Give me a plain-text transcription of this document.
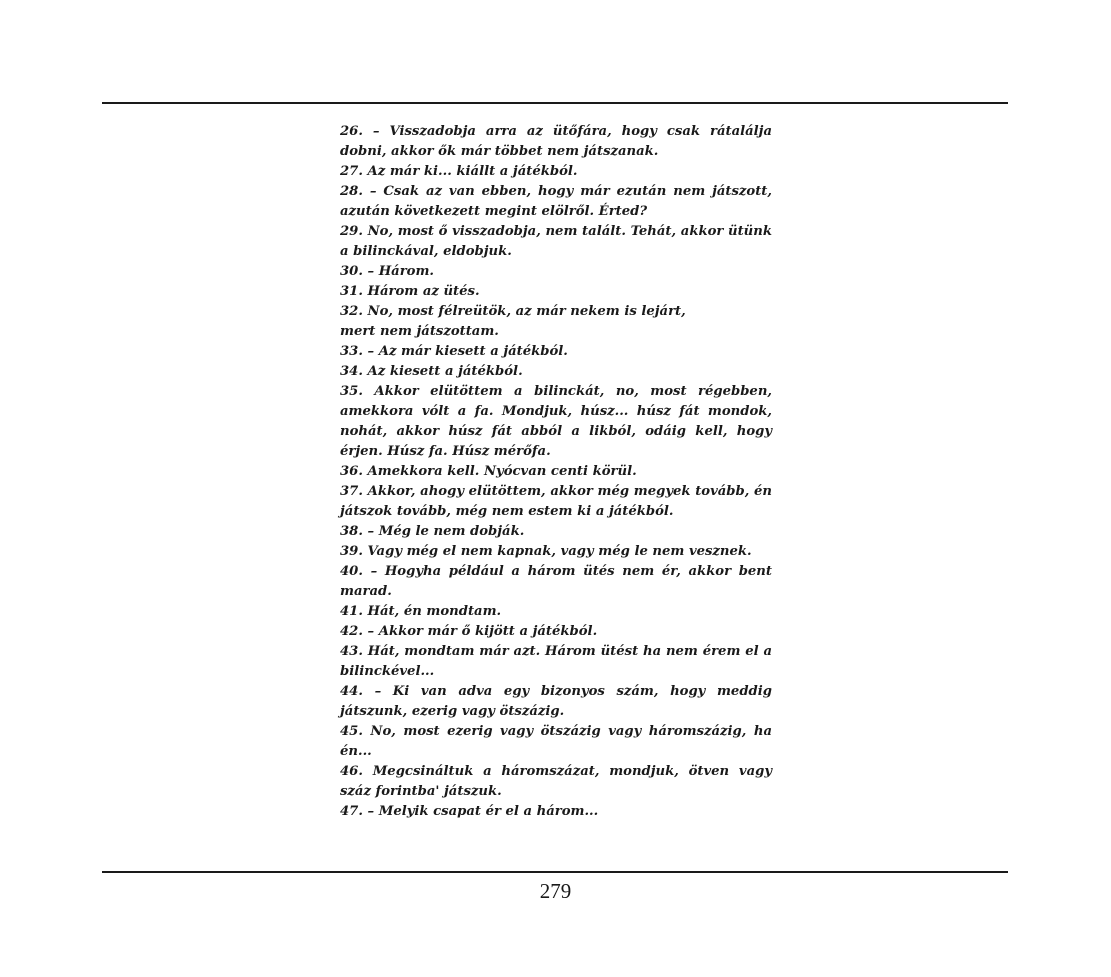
26. – Visszadobja arra az ütőfára, hogy csak rátalálja dobni, akkor ők már többet nem játszanak.

27. Az már ki... kiállt a játékból.

28. – Csak az van ebben, hogy már ezután nem játszott, azután következett megint elölről. Érted?

29. No, most ő visszadobja, nem talált. Tehát, akkor ütünk a bilinckával, eldobjuk.

30. – Három.

31. Három az ütés.

32. No, most félreütök, az már nekem is lejárt,

mert nem játszottam.

33. – Az már kiesett a játékból.

34. Az kiesett a játékból.

35. Akkor elütöttem a bilinckát, no, most régebben, amekkora vólt a fa. Mondjuk, húsz... húsz fát mondok, nohát, akkor húsz fát abból a likból, odáig kell, hogy érjen. Húsz fa. Húsz mérőfa.

36. Amekkora kell. Nyócvan centi körül.

37. Akkor, ahogy elütöttem, akkor még megyek tovább, én játszok tovább, még nem estem ki a játékból.

38. – Még le nem dobják.

39. Vagy még el nem kapnak, vagy még le nem vesznek.

40. – Hogyha például a három ütés nem ér, akkor bent marad.

41. Hát, én mondtam.

42. – Akkor már ő kijött a játékból.

43. Hát, mondtam már azt. Három ütést ha nem érem el a bilinckével...

44. – Ki van adva egy bizonyos szám, hogy meddig játszunk, ezerig vagy ötszázig.

45. No, most ezerig vagy ötszázig vagy háromszázig, ha én...

46. Megcsináltuk a háromszázat, mondjuk, ötven vagy száz forintba' játszuk.

47. – Melyik csapat ér el a három...

279
